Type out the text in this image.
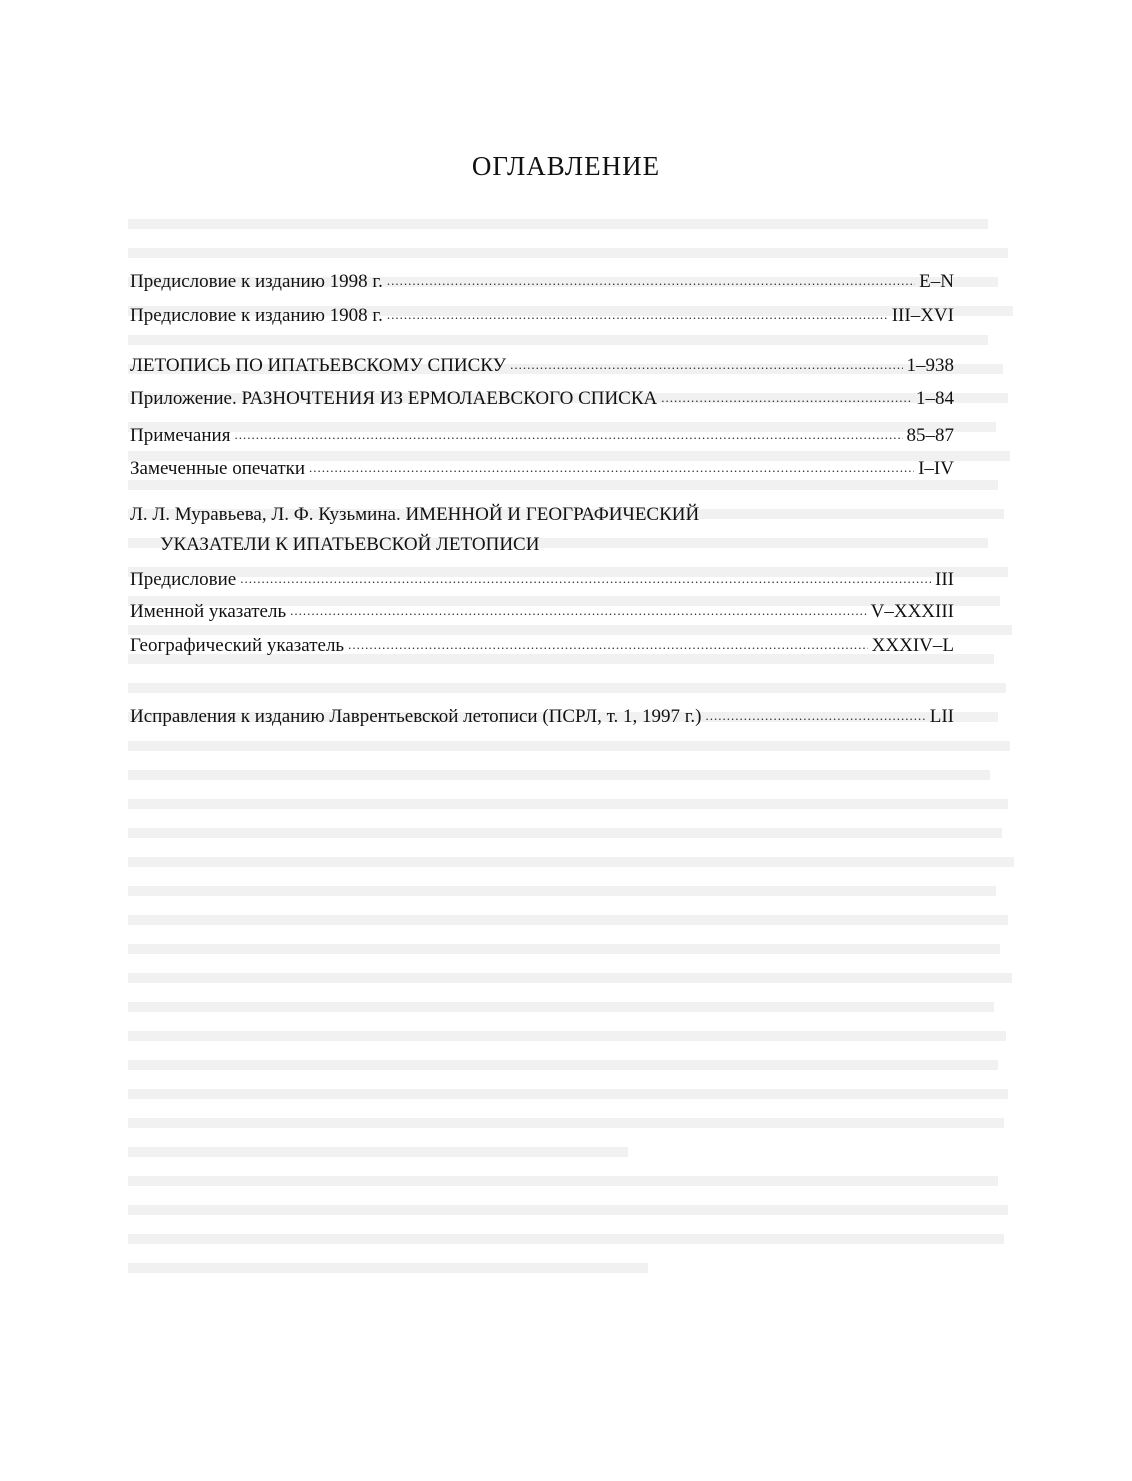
ОГЛАВЛЕНИЕ
Предисловие к изданию 1998 г. .....	E–N
Предисловие к изданию 1908 г. .....	III–XVI
ЛЕТОПИСЬ ПО ИПАТЬЕВСКОМУ СПИСКУ .....	1–938
Приложение. РАЗНОЧТЕНИЯ ИЗ ЕРМОЛАЕВСКОГО СПИСКА .....	1–84
Примечания .....	85–87
Замеченные опечатки .....	I–IV
Л. Л. Муравьева, Л. Ф. Кузьмина. ИМЕННОЙ И ГЕОГРАФИЧЕСКИЙ
УКАЗАТЕЛИ К ИПАТЬЕВСКОЙ ЛЕТОПИСИ
Предисловие .....	III
Именной указатель .....	V–XXXIII
Географический указатель .....	XXXIV–L
Исправления к изданию Лаврентьевской летописи (ПСРЛ, т. 1, 1997 г.) .....	LII
